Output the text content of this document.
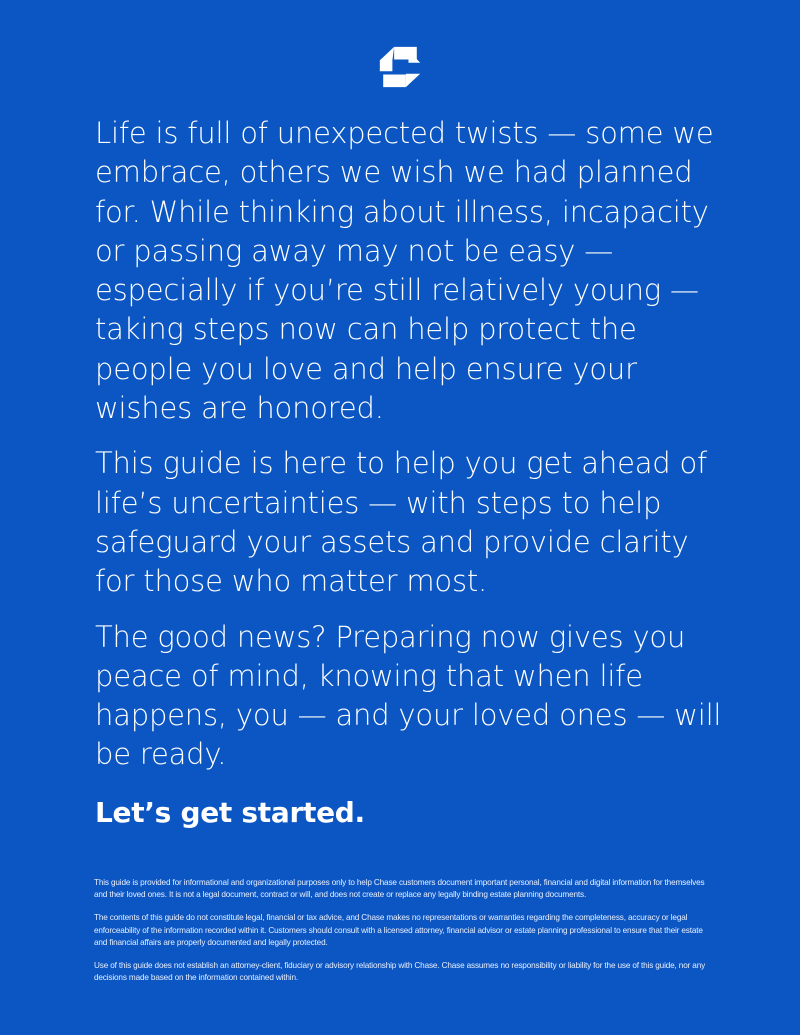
Life is full of unexpected twists — some we embrace, others we wish we had planned for. While thinking about illness, incapacity or passing away may not be easy — especially if you’re still relatively young — taking steps now can help protect the people you love and help ensure your wishes are honored.

This guide is here to help you get ahead of life’s uncertainties — with steps to help safeguard your assets and provide clarity for those who matter most.

The good news? Preparing now gives you peace of mind, knowing that when life happens, you — and your loved ones — will be ready.

Let’s get started.

This guide is provided for informational and organizational purposes only to help Chase customers document important personal, financial and digital information for themselves and their loved ones. It is not a legal document, contract or will, and does not create or replace any legally binding estate planning documents.

The contents of this guide do not constitute legal, financial or tax advice, and Chase makes no representations or warranties regarding the completeness, accuracy or legal enforceability of the information recorded within it. Customers should consult with a licensed attorney, financial advisor or estate planning professional to ensure that their estate and financial affairs are properly documented and legally protected.

Use of this guide does not establish an attorney-client, fiduciary or advisory relationship with Chase. Chase assumes no responsibility or liability for the use of this guide, nor any decisions made based on the information contained within.
